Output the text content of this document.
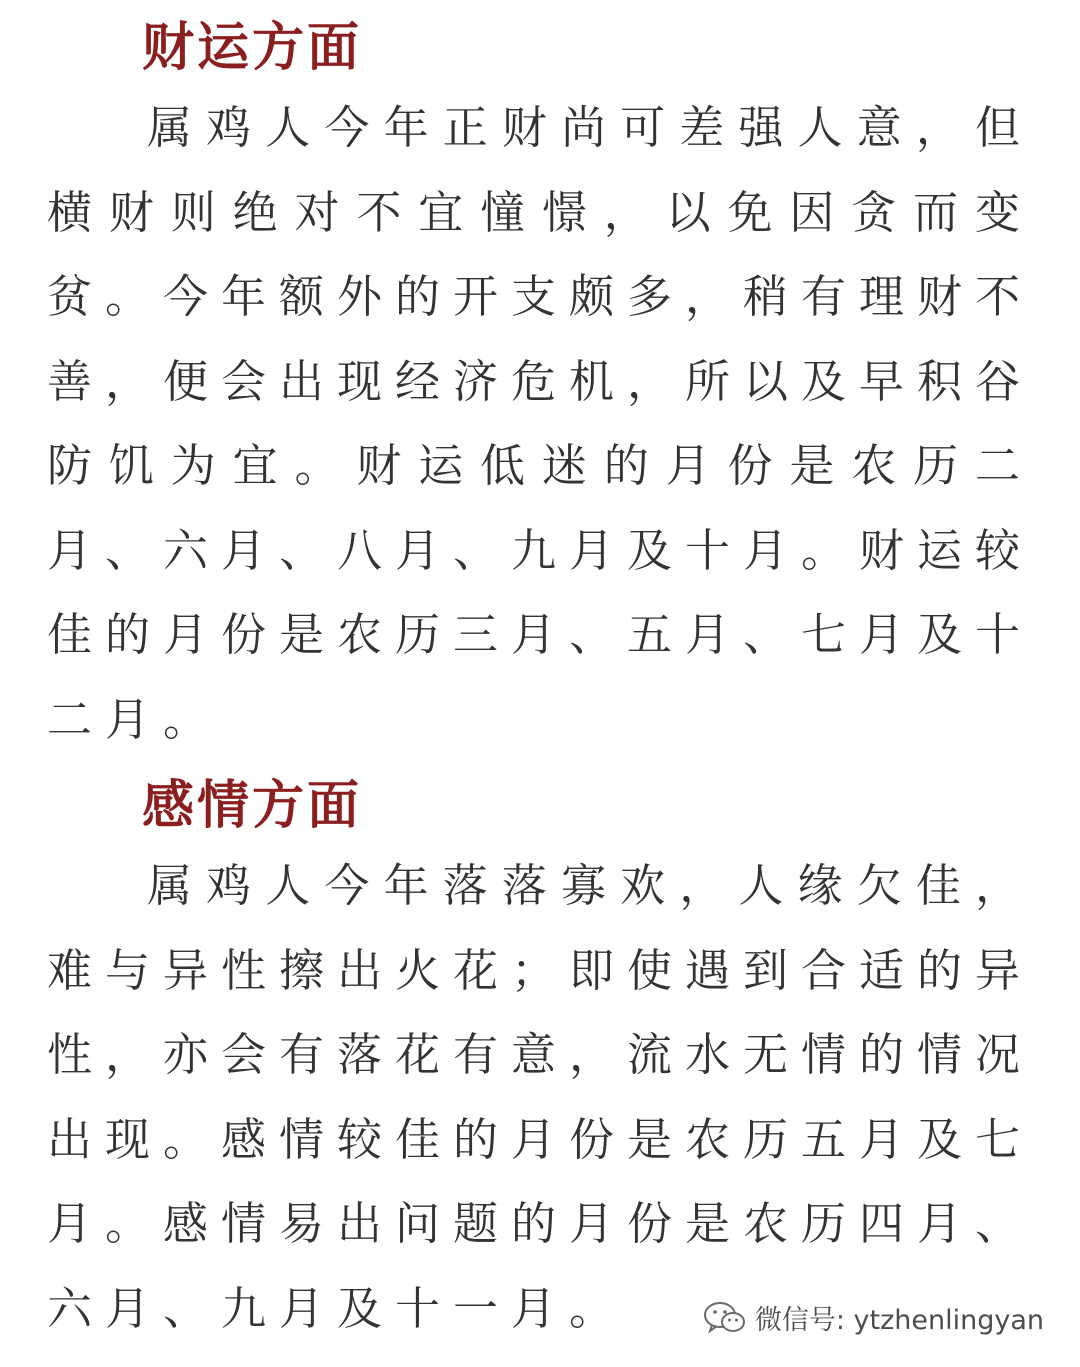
财运方面

属鸡人今年正财尚可差强人意，但横财则绝对不宜憧憬，以免因贪而变贫。今年额外的开支颇多，稍有理财不善，便会出现经济危机，所以及早积谷防饥为宜。财运低迷的月份是农历二月、六月、八月、九月及十月。财运较佳的月份是农历三月、五月、七月及十二月。

感情方面

属鸡人今年落落寡欢，人缘欠佳，难与异性擦出火花；即使遇到合适的异性，亦会有落花有意，流水无情的情况出现。感情较佳的月份是农历五月及七月。感情易出问题的月份是农历四月、六月、九月及十一月。	微信号: ytzhenlingyan
